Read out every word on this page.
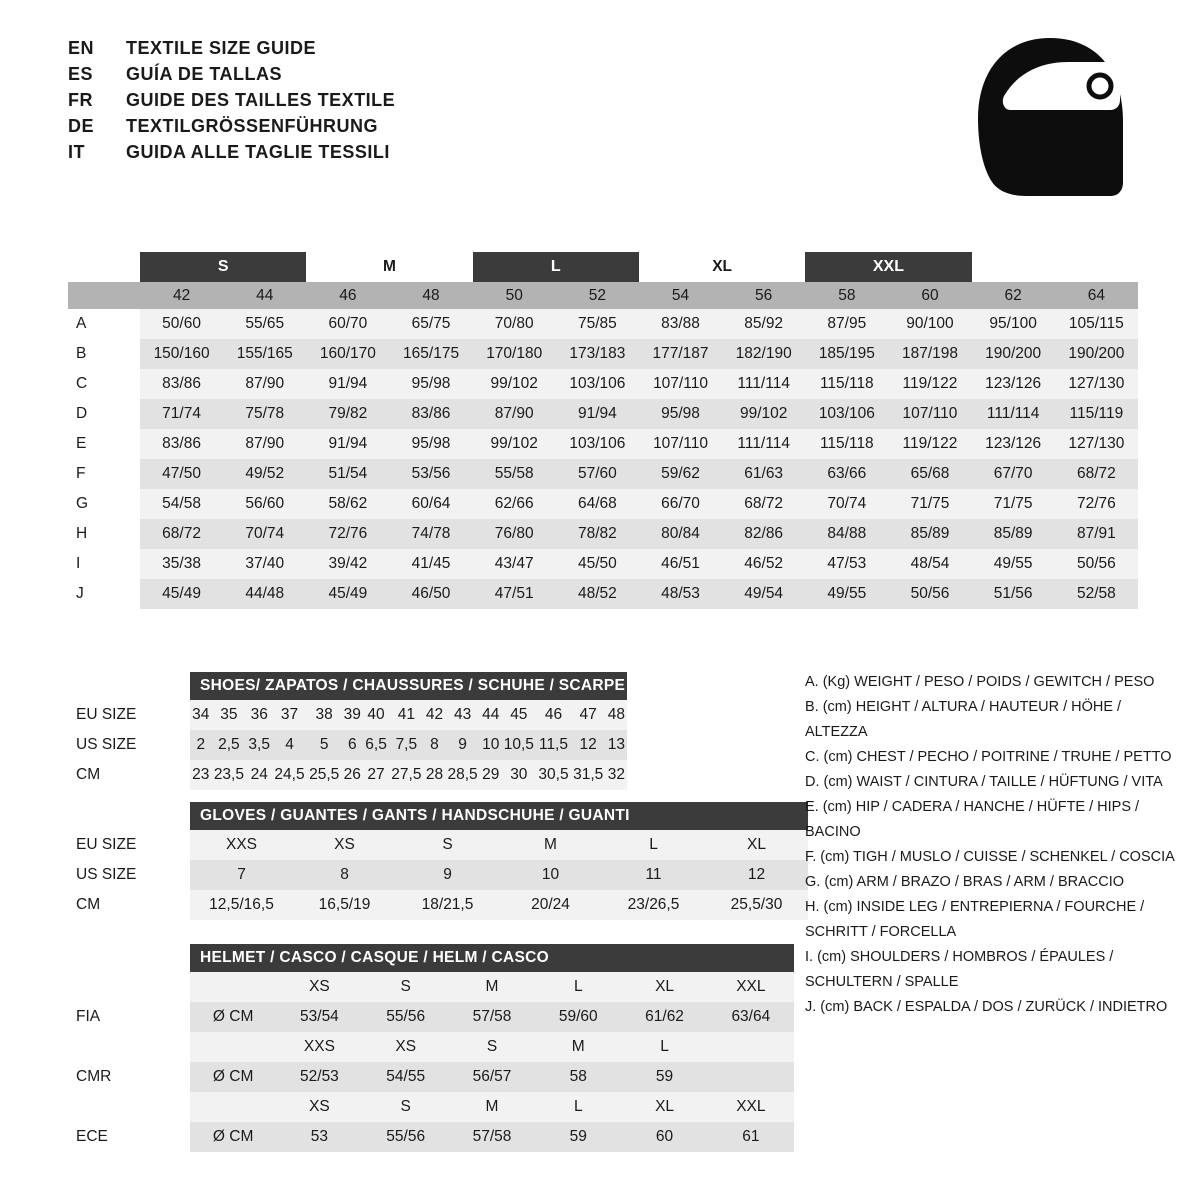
EN	TEXTILE SIZE GUIDE
ES	GUÍA DE TALLAS
FR	GUIDE DES TAILLES TEXTILE
DE	TEXTILGRÖSSENFÜHRUNG
IT	GUIDA ALLE TAGLIE TESSILI
	S		M		L		XL		XXL			
	42	44	46	48	50	52	54	56	58	60	62	64
A	50/60	55/65	60/70	65/75	70/80	75/85	83/88	85/92	87/95	90/100	95/100	105/115
B	150/160	155/165	160/170	165/175	170/180	173/183	177/187	182/190	185/195	187/198	190/200	190/200
C	83/86	87/90	91/94	95/98	99/102	103/106	107/110	111/114	115/118	119/122	123/126	127/130
D	71/74	75/78	79/82	83/86	87/90	91/94	95/98	99/102	103/106	107/110	111/114	115/119
E	83/86	87/90	91/94	95/98	99/102	103/106	107/110	111/114	115/118	119/122	123/126	127/130
F	47/50	49/52	51/54	53/56	55/58	57/60	59/62	61/63	63/66	65/68	67/70	68/72
G	54/58	56/60	58/62	60/64	62/66	64/68	66/70	68/72	70/74	71/75	71/75	72/76
H	68/72	70/74	72/76	74/78	76/80	78/82	80/84	82/86	84/88	85/89	85/89	87/91
I	35/38	37/40	39/42	41/45	43/47	45/50	46/51	46/52	47/53	48/54	49/55	50/56
J	45/49	44/48	45/49	46/50	47/51	48/52	48/53	49/54	49/55	50/56	51/56	52/58
	SHOES/ ZAPATOS / CHAUSSURES / SCHUHE / SCARPE														
EU SIZE	34	35	36	37	38	39	40	41	42	43	44	45	46	47	48
US SIZE	2	2,5	3,5	4	5	6	6,5	7,5	8	9	10	10,5	11,5	12	13
CM	23	23,5	24	24,5	25,5	26	27	27,5	28	28,5	29	30	30,5	31,5	32
	GLOVES / GUANTES / GANTS / HANDSCHUHE / GUANTI					
EU SIZE	XXS	XS	S	M	L	XL
US SIZE	7	8	9	10	11	12
CM	12,5/16,5	16,5/19	18/21,5	20/24	23/26,5	25,5/30
	HELMET / CASCO / CASQUE / HELM / CASCO						
		XS	S	M	L	XL	XXL
FIA	Ø CM	53/54	55/56	57/58	59/60	61/62	63/64
		XXS	XS	S	M	L	
CMR	Ø CM	52/53	54/55	56/57	58	59	
		XS	S	M	L	XL	XXL
ECE	Ø CM	53	55/56	57/58	59	60	61
A. (Kg) WEIGHT / PESO / POIDS / GEWITCH / PESO
B. (cm) HEIGHT / ALTURA / HAUTEUR / HÖHE / ALTEZZA
C. (cm) CHEST / PECHO / POITRINE / TRUHE / PETTO
D. (cm) WAIST / CINTURA / TAILLE / HÜFTUNG / VITA
E. (cm) HIP / CADERA / HANCHE / HÜFTE / HIPS / BACINO
F. (cm) TIGH / MUSLO / CUISSE / SCHENKEL / COSCIA
G. (cm) ARM / BRAZO / BRAS / ARM / BRACCIO
H. (cm) INSIDE LEG / ENTREPIERNA / FOURCHE / SCHRITT / FORCELLA
I. (cm) SHOULDERS / HOMBROS / ÉPAULES / SCHULTERN / SPALLE
J. (cm) BACK / ESPALDA / DOS / ZURÜCK / INDIETRO
